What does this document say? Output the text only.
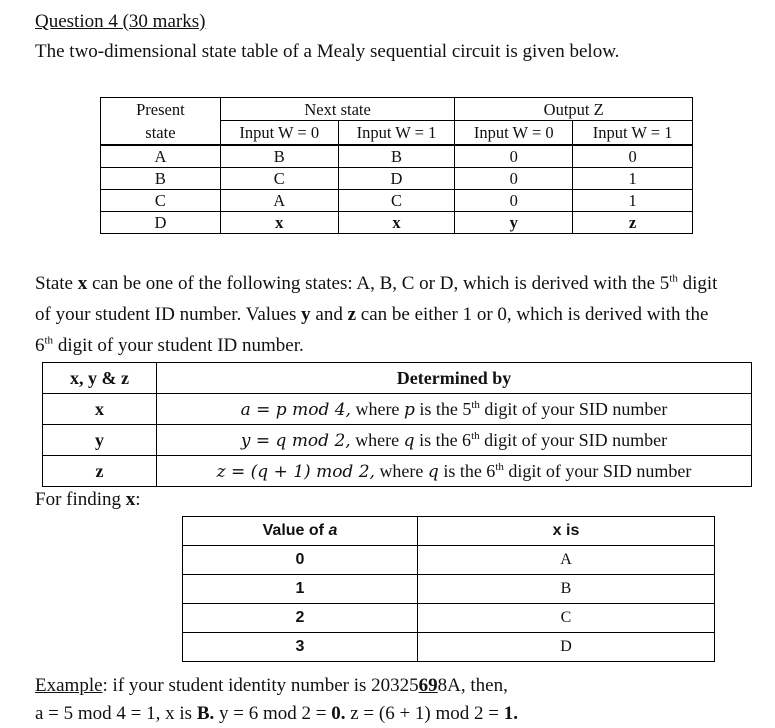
Question 4 (30 marks)
The two-dimensional state table of a Mealy sequential circuit is given below.
Present	Next state		Output Z	
state	Input W = 0	Input W = 1	Input W = 0	Input W = 1
A	B	B	0	0
B	C	D	0	1
C	A	C	0	1
D	x	x	y	z
State x can be one of the following states: A, B, C or D, which is derived with the 5th digit
of your student ID number. Values y and z can be either 1 or 0, which is derived with the
6th digit of your student ID number.
x, y & z	Determined by
x	a = p mod 4, where p is the 5th digit of your SID number
y	y = q mod 2, where q is the 6th digit of your SID number
z	z = (q + 1) mod 2, where q is the 6th digit of your SID number
For finding x:
Value of a	x is
0	A
1	B
2	C
3	D
Example: if your student identity number is 20325698A, then,
a = 5 mod 4 = 1, x is B. y = 6 mod 2 = 0. z = (6 + 1) mod 2 = 1.
